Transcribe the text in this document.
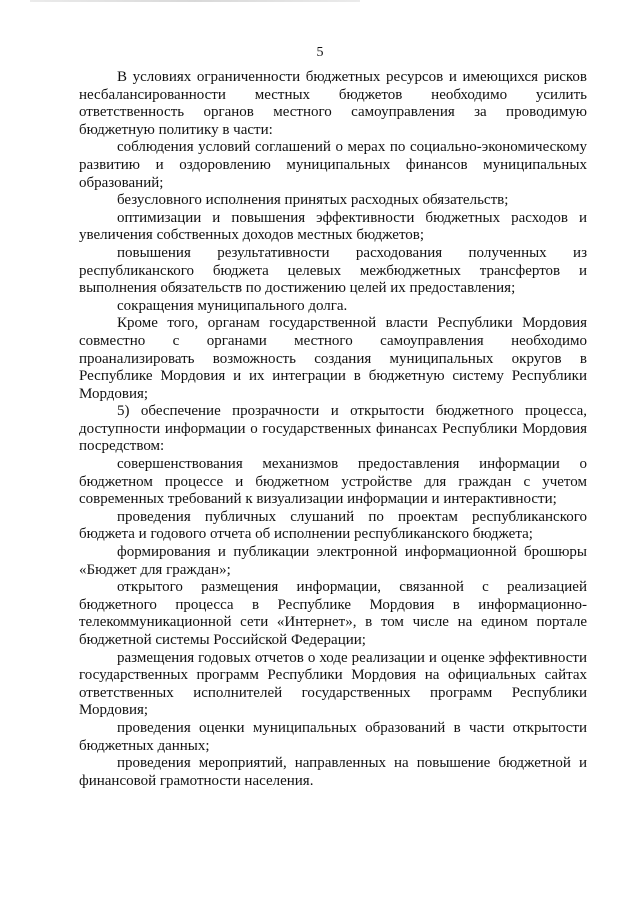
5

В условиях ограниченности бюджетных ресурсов и имеющихся рисков несбалансированности местных бюджетов необходимо усилить ответственность органов местного самоуправления за проводимую бюджетную политику в части:

соблюдения условий соглашений о мерах по социально-экономическому развитию и оздоровлению муниципальных финансов муниципальных образований;

безусловного исполнения принятых расходных обязательств;

оптимизации и повышения эффективности бюджетных расходов и увеличения собственных доходов местных бюджетов;

повышения результативности расходования полученных из республиканского бюджета целевых межбюджетных трансфертов и выполнения обязательств по достижению целей их предоставления;

сокращения муниципального долга.

Кроме того, органам государственной власти Республики Мордовия совместно с органами местного самоуправления необходимо проанализировать возможность создания муниципальных округов в Республике Мордовия и их интеграции в бюджетную систему Республики Мордовия;

5) обеспечение прозрачности и открытости бюджетного процесса, доступности информации о государственных финансах Республики Мордовия посредством:

совершенствования механизмов предоставления информации о бюджетном процессе и бюджетном устройстве для граждан с учетом современных требований к визуализации информации и интерактивности;

проведения публичных слушаний по проектам республиканского бюджета и годового отчета об исполнении республиканского бюджета;

формирования и публикации электронной информационной брошюры «Бюджет для граждан»;

открытого размещения информации, связанной с реализацией бюджетного процесса в Республике Мордовия в информационно-телекоммуникационной сети «Интернет», в том числе на едином портале бюджетной системы Российской Федерации;

размещения годовых отчетов о ходе реализации и оценке эффективности государственных программ Республики Мордовия на официальных сайтах ответственных исполнителей государственных программ Республики Мордовия;

проведения оценки муниципальных образований в части открытости бюджетных данных;

проведения мероприятий, направленных на повышение бюджетной и финансовой грамотности населения.
